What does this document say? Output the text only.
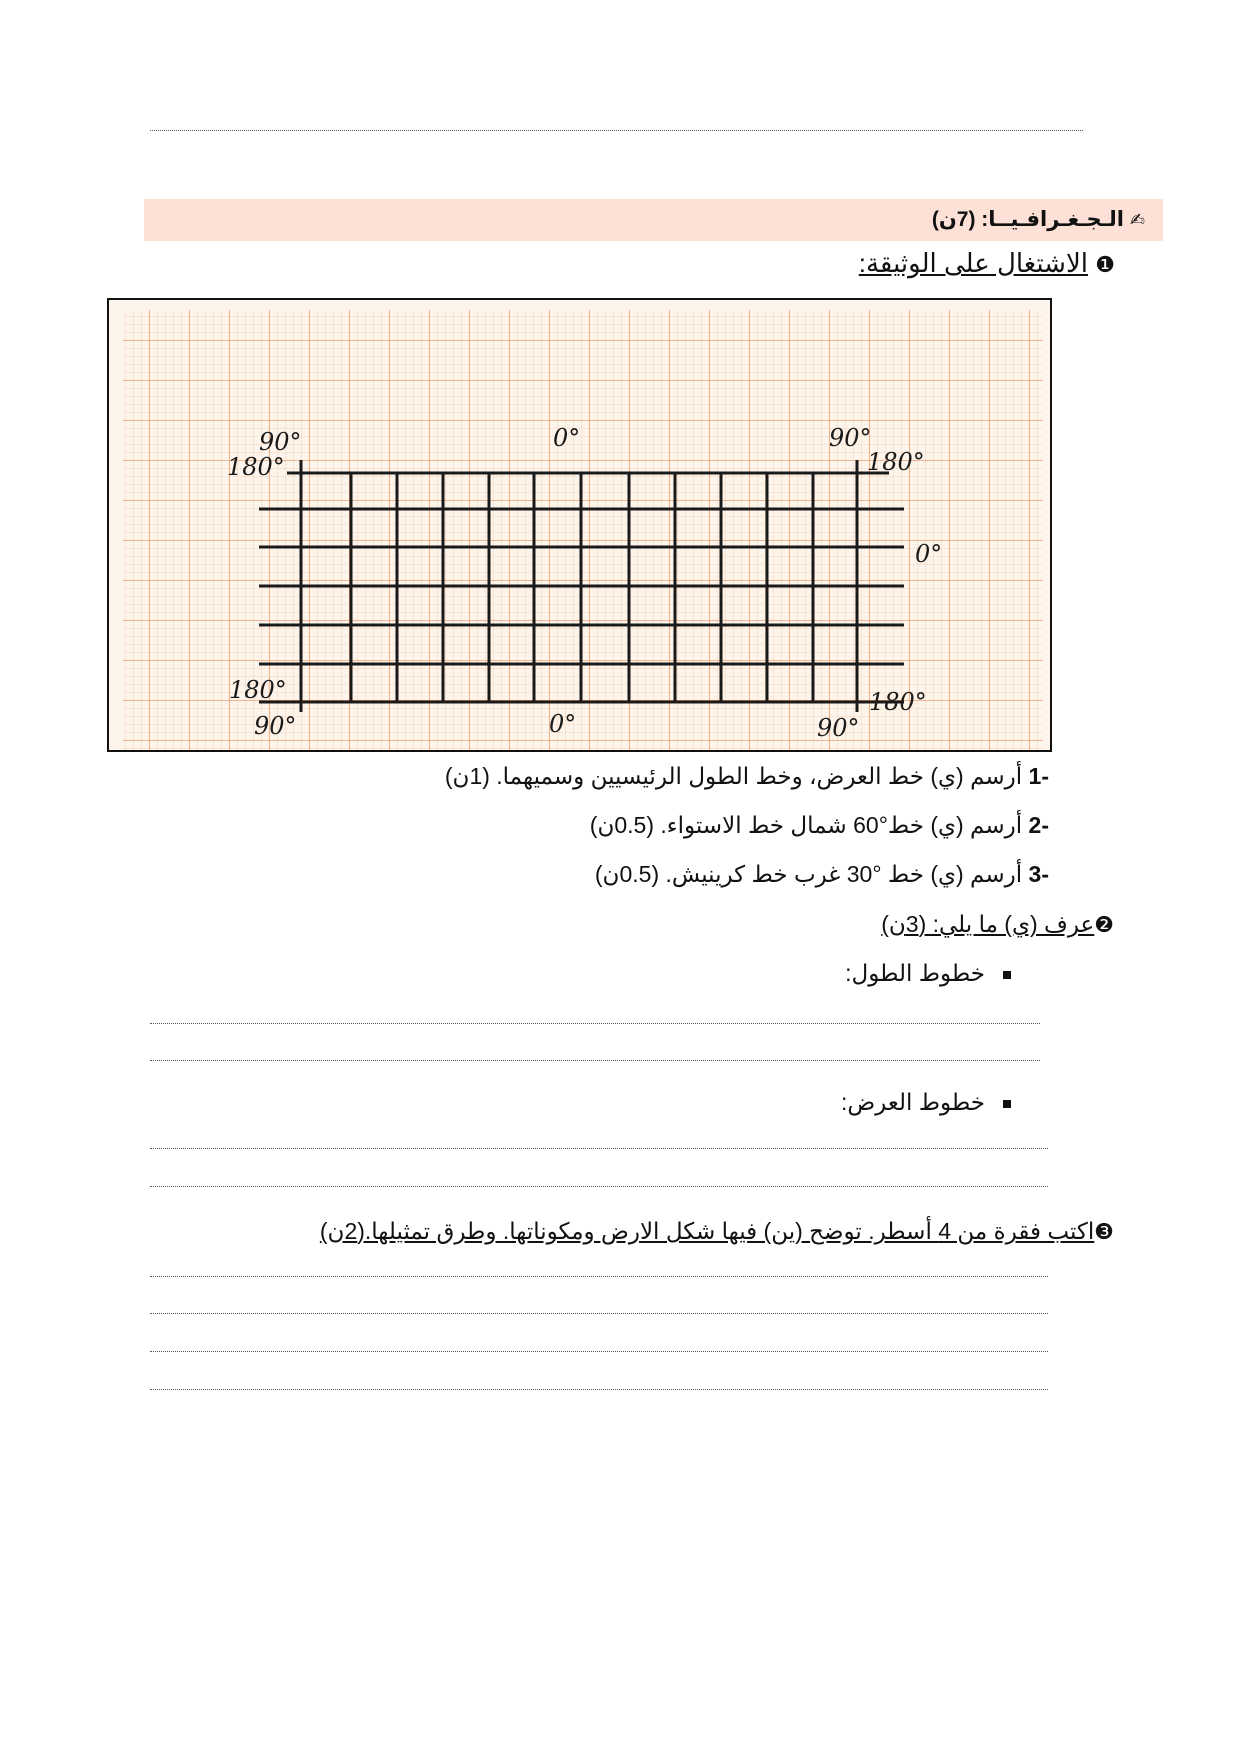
✍الـجـغـرافـيــا: (7ن)
❶ الاشتغال على الوثيقة:
180°
90°	0°	90°
180°
0°
180°
90°	0°	90°
180°
-1 أرسم (ي) خط العرض، وخط الطول الرئيسيين وسميهما. (1ن)
-2 أرسم (ي) خط°60 شمال خط الاستواء. (0.5ن)
-3 أرسم (ي) خط °30 غرب خط كرينيش. (0.5ن)
❷عرف (ي) ما يلي: (3ن)
خطوط الطول:
خطوط العرض:
❸اكتب فقرة من 4 أسطر. توضح (ين) فيها شكل الارض ومكوناتها. وطرق تمثيلها.(2ن)
